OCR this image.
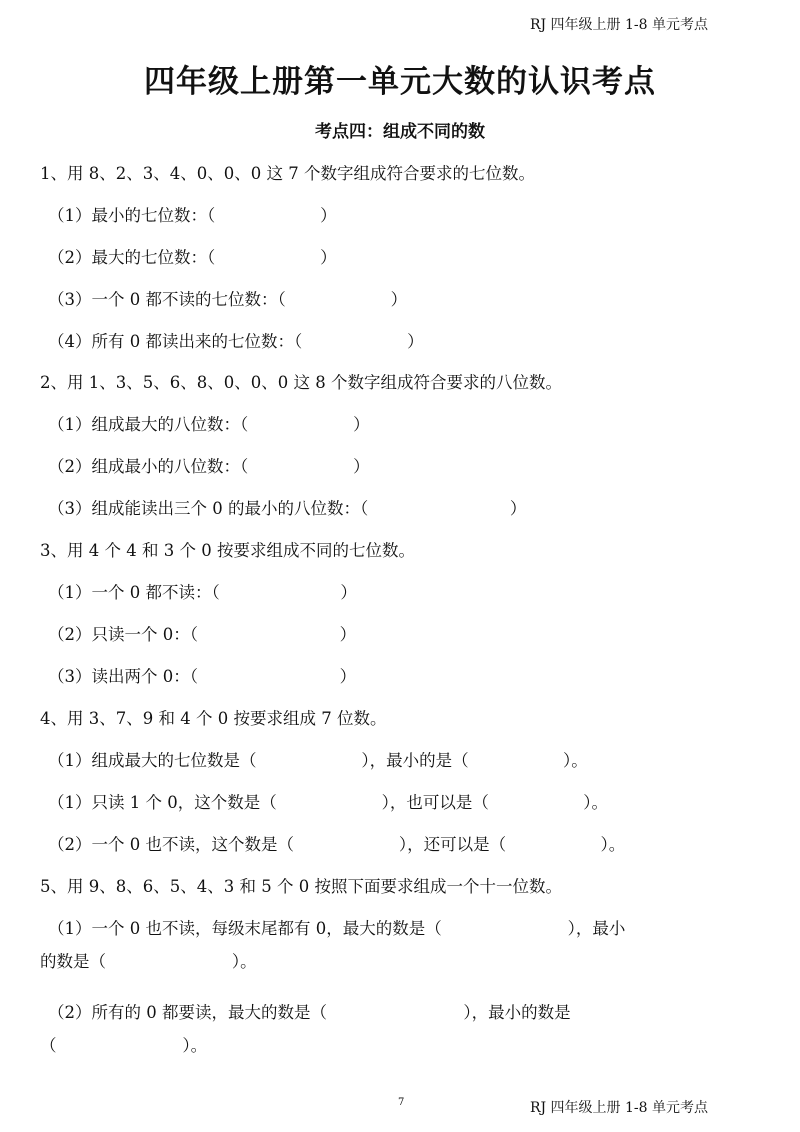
RJ 四年级上册 1-8 单元考点
四年级上册第一单元大数的认识考点
考点四：组成不同的数
1、用 8、2、3、4、0、0、0 这 7 个数字组成符合要求的七位数。
（1）最小的七位数：（                    ）
（2）最大的七位数：（                    ）
（3）一个 0 都不读的七位数：（                    ）
（4）所有 0 都读出来的七位数：（                    ）
2、用 1、3、5、6、8、0、0、0 这 8 个数字组成符合要求的八位数。
（1）组成最大的八位数：（                    ）
（2）组成最小的八位数：（                    ）
（3）组成能读出三个 0 的最小的八位数：（                           ）
3、用 4 个 4 和 3 个 0 按要求组成不同的七位数。
（1）一个 0 都不读：（                       ）
（2）只读一个 0：（                           ）
（3）读出两个 0：（                           ）
4、用 3、7、9 和 4 个 0 按要求组成 7 位数。
（1）组成最大的七位数是（                    ），最小的是（                  ）。
（1）只读 1 个 0，这个数是（                    ），也可以是（                  ）。
（2）一个 0 也不读，这个数是（                    ），还可以是（                  ）。
5、用 9、8、6、5、4、3 和 5 个 0 按照下面要求组成一个十一位数。
（1）一个 0 也不读，每级末尾都有 0，最大的数是（                        ），最小
的数是（                        ）。
（2）所有的 0 都要读，最大的数是（                          ），最小的数是
（                        ）。
7	RJ 四年级上册 1-8 单元考点
